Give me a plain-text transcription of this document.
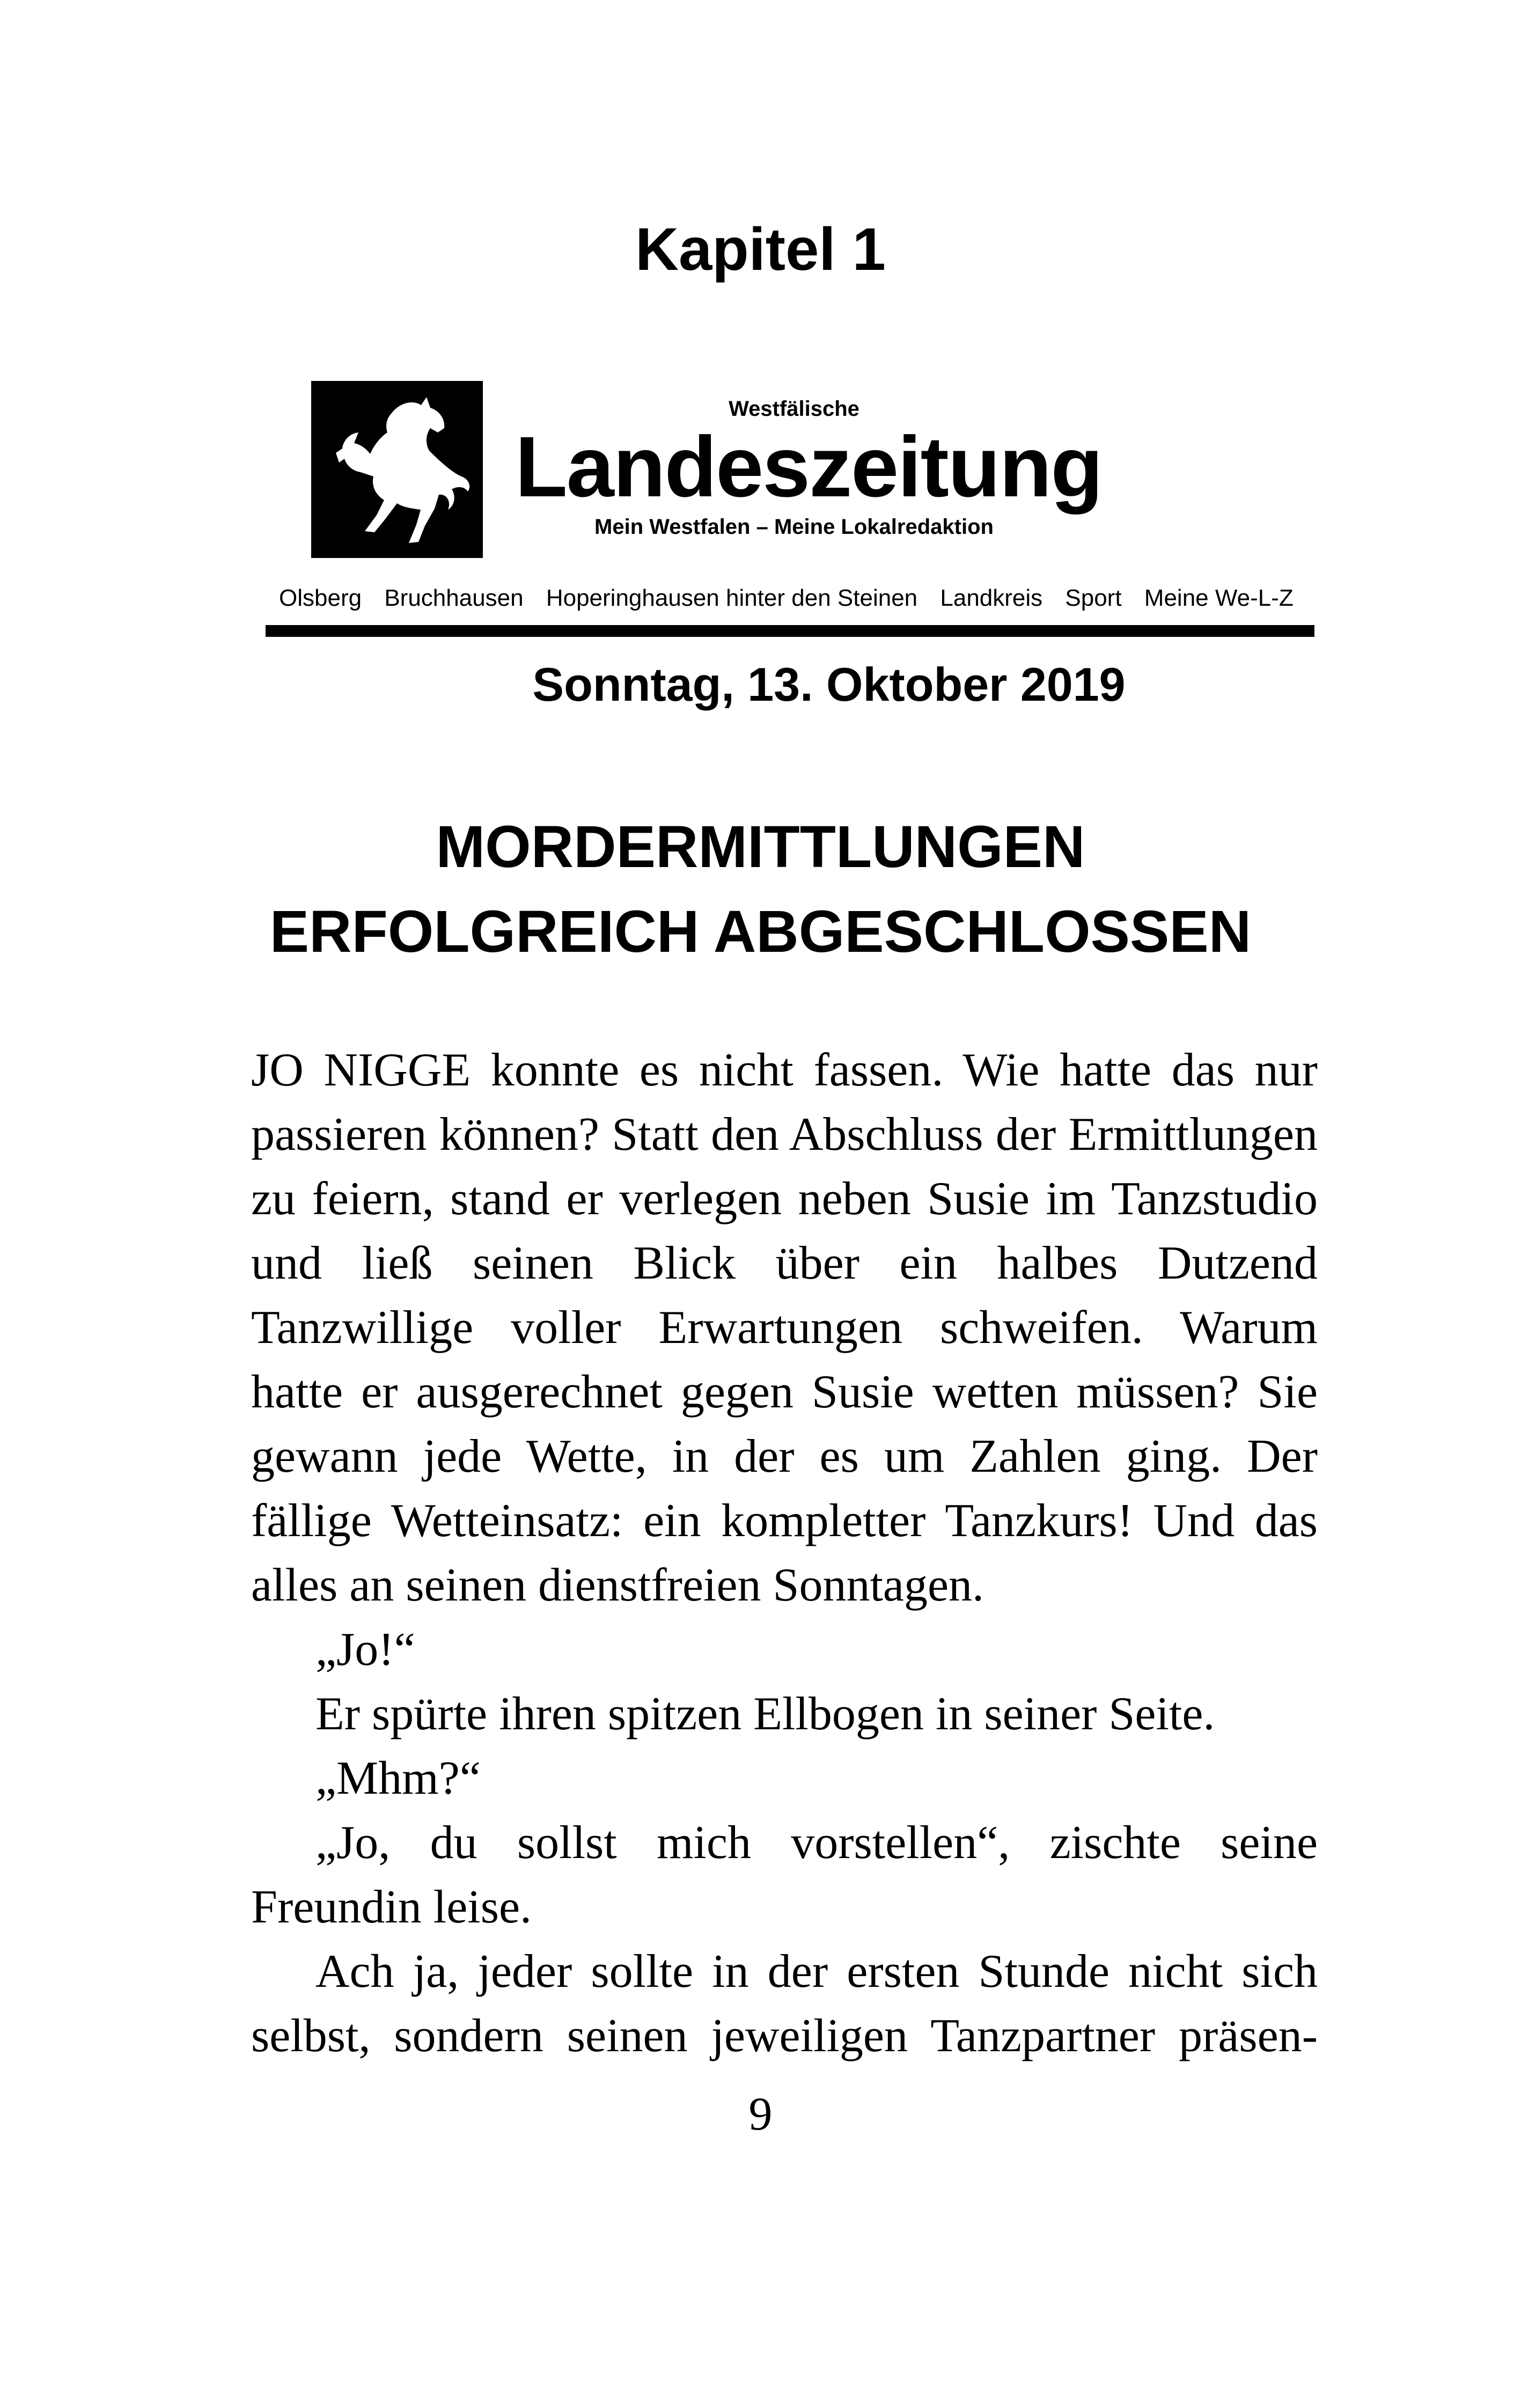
Kapitel 1
Westfälische
Landeszeitung
Mein Westfalen – Meine Lokalredaktion
Olsberg Bruchhausen Hoperinghausen hinter den Steinen Landkreis Sport Meine We-L-Z
Sonntag, 13. Oktober 2019
MORDERMITTLUNGEN
ERFOLGREICH ABGESCHLOSSEN

JO NIGGE konnte es nicht fassen. Wie hatte das nur passieren können? Statt den Abschluss der Ermittlungen zu feiern, stand er verlegen neben Susie im Tanzstudio und ließ seinen Blick über ein halbes Dutzend Tanzwillige voller Erwartungen schweifen. Warum hatte er ausgerechnet gegen Susie wetten müssen? Sie gewann jede Wette, in der es um Zahlen ging. Der fällige Wetteinsatz: ein kompletter Tanzkurs! Und das alles an seinen dienstfreien Sonntagen.

„Jo!“

Er spürte ihren spitzen Ellbogen in seiner Seite.

„Mhm?“

„Jo, du sollst mich vorstellen“, zischte seine Freundin leise.

Ach ja, jeder sollte in der ersten Stunde nicht sich selbst, sondern seinen jeweiligen Tanzpartner präsen-

9
